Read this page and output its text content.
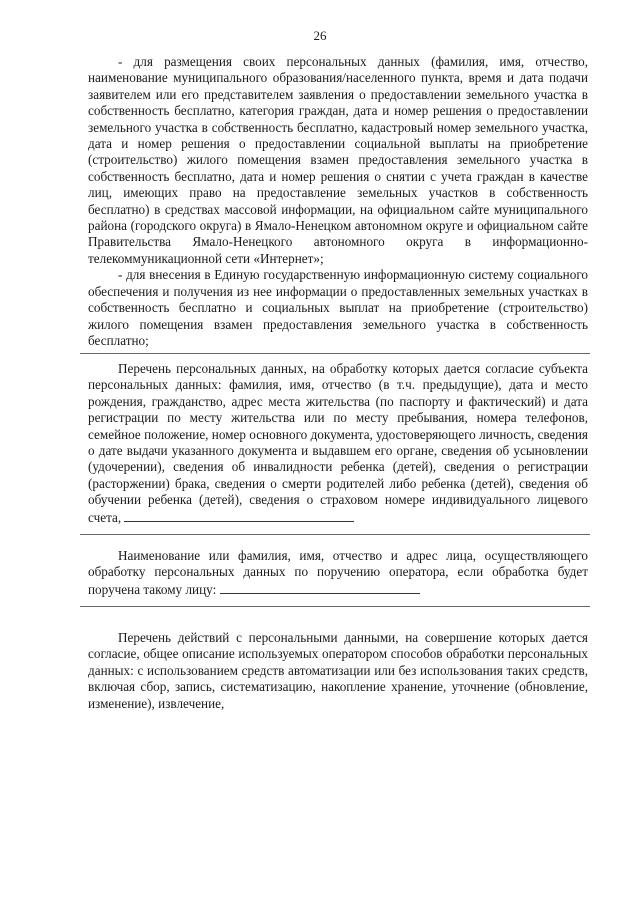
26

- для размещения своих персональных данных (фамилия, имя, отчество, наименование муниципального образования/населенного пункта, время и дата подачи заявителем или его представителем заявления о предоставлении земельного участка в собственность бесплатно, категория граждан, дата и номер решения о предоставлении земельного участка в собственность бесплатно, кадастровый номер земельного участка, дата и номер решения о предоставлении социальной выплаты на приобретение (строительство) жилого помещения взамен предоставления земельного участка в собственность бесплатно, дата и номер решения о снятии с учета граждан в качестве лиц, имеющих право на предоставление земельных участков в собственность бесплатно) в средствах массовой информации, на официальном сайте муниципального района (городского округа) в Ямало-Ненецком автономном округе и официальном сайте Правительства Ямало-Ненецкого автономного округа в информационно-телекоммуникационной сети «Интернет»;

- для внесения в Единую государственную информационную систему социального обеспечения и получения из нее информации о предоставленных земельных участках в собственность бесплатно и социальных выплат на приобретение (строительство) жилого помещения взамен предоставления земельного участка в собственность бесплатно;

Перечень персональных данных, на обработку которых дается согласие субъекта персональных данных: фамилия, имя, отчество (в т.ч. предыдущие), дата и место рождения, гражданство, адрес места жительства (по паспорту и фактический) и дата регистрации по месту жительства или по месту пребывания, номера телефонов, семейное положение, номер основного документа, удостоверяющего личность, сведения о дате выдачи указанного документа и выдавшем его органе, сведения об усыновлении (удочерении), сведения об инвалидности ребенка (детей), сведения о регистрации (расторжении) брака, сведения о смерти родителей либо ребенка (детей), сведения об обучении ребенка (детей), сведения о страховом номере индивидуального лицевого счета,

Наименование или фамилия, имя, отчество и адрес лица, осуществляющего обработку персональных данных по поручению оператора, если обработка будет поручена такому лицу:

Перечень действий с персональными данными, на совершение которых дается согласие, общее описание используемых оператором способов обработки персональных данных: с использованием средств автоматизации или без использования таких средств, включая сбор, запись, систематизацию, накопление хранение, уточнение (обновление, изменение), извлечение,
